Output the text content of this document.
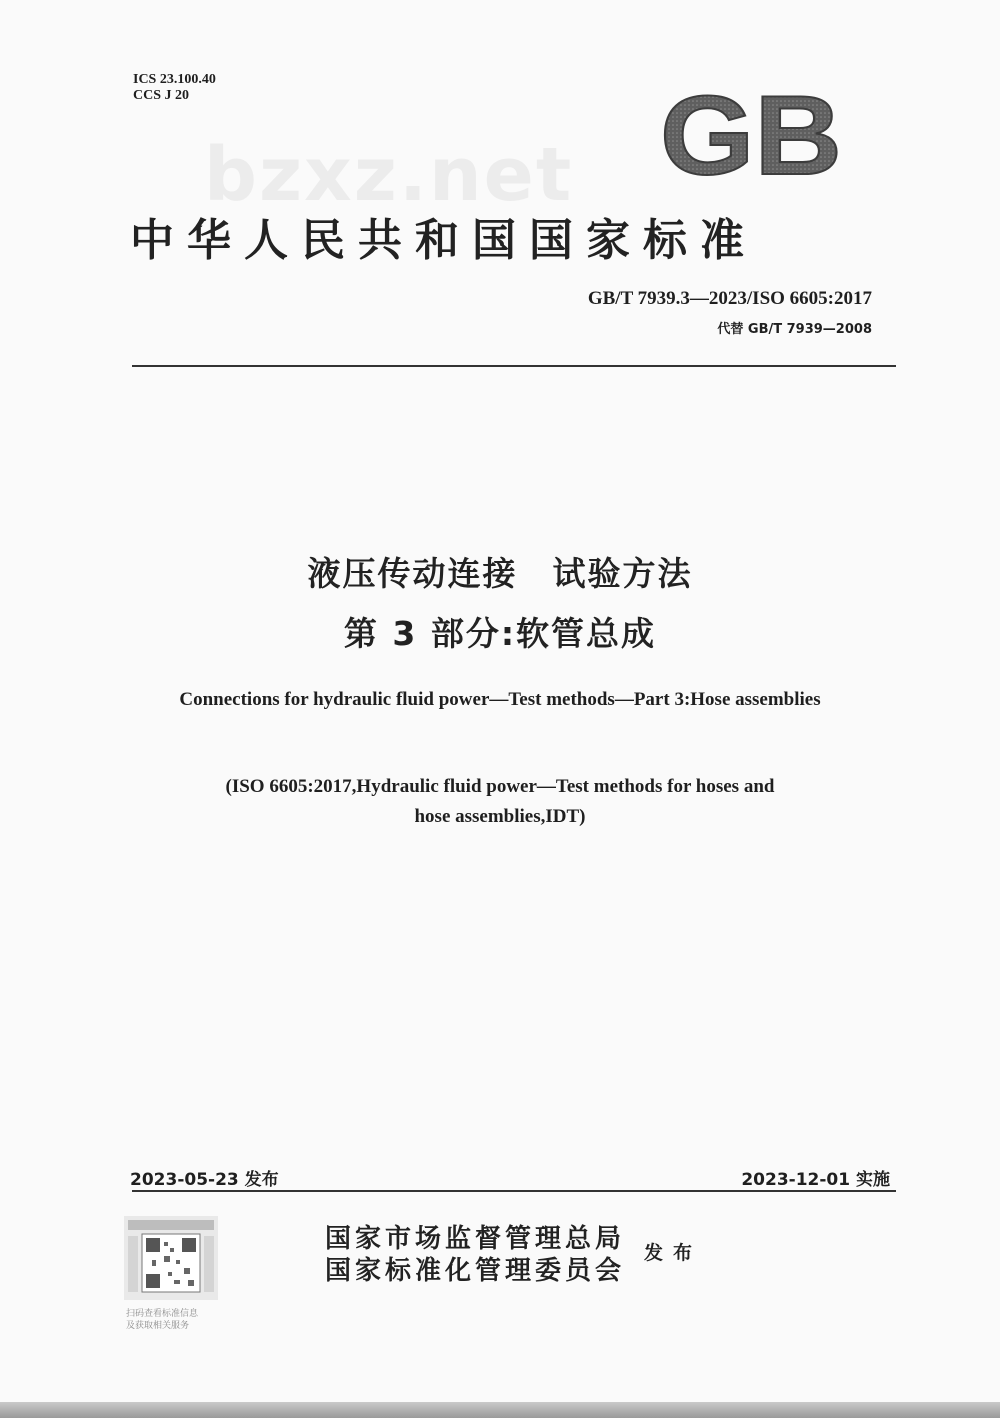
ICS 23.100.40
CCS J 20
bzxz.net GB
中华人民共和国国家标准
GB/T 7939.3—2023/ISO 6605:2017
代替 GB/T 7939—2008
液压传动连接　试验方法
第 3 部分:软管总成
Connections for hydraulic fluid power—Test methods—Part 3:Hose assemblies
(ISO 6605:2017,Hydraulic fluid power—Test methods for hoses and
hose assemblies,IDT)
2023-05-23 发布	2023-12-01 实施
扫码查看标准信息
及获取相关服务
国家市场监督管理总局
国家标准化管理委员会
发布
